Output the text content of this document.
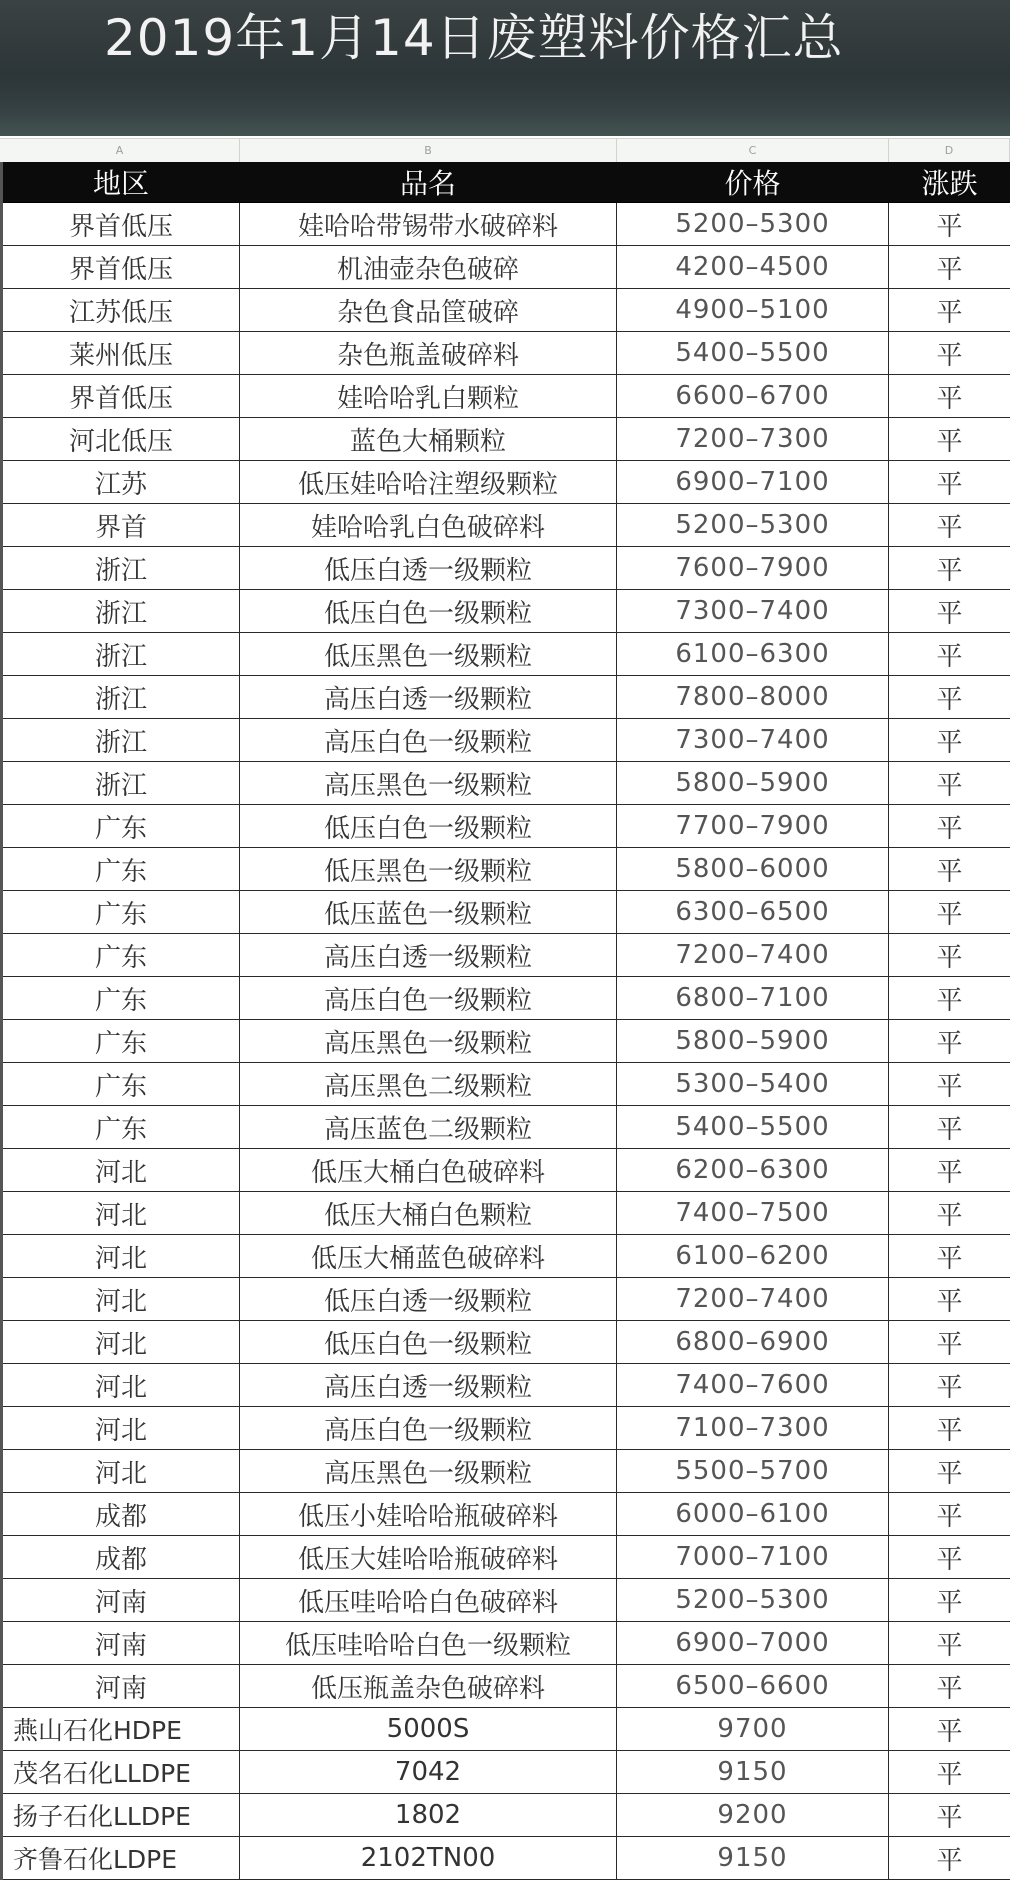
2019年1月14日废塑料价格汇总
A	B	C	D
地区	品名	价格	涨跌
界首低压	娃哈哈带锡带水破碎料	5200–5300	平
界首低压	机油壶杂色破碎	4200–4500	平
江苏低压	杂色食品筐破碎	4900–5100	平
莱州低压	杂色瓶盖破碎料	5400–5500	平
界首低压	娃哈哈乳白颗粒	6600–6700	平
河北低压	蓝色大桶颗粒	7200–7300	平
江苏	低压娃哈哈注塑级颗粒	6900–7100	平
界首	娃哈哈乳白色破碎料	5200–5300	平
浙江	低压白透一级颗粒	7600–7900	平
浙江	低压白色一级颗粒	7300–7400	平
浙江	低压黑色一级颗粒	6100–6300	平
浙江	高压白透一级颗粒	7800–8000	平
浙江	高压白色一级颗粒	7300–7400	平
浙江	高压黑色一级颗粒	5800–5900	平
广东	低压白色一级颗粒	7700–7900	平
广东	低压黑色一级颗粒	5800–6000	平
广东	低压蓝色一级颗粒	6300–6500	平
广东	高压白透一级颗粒	7200–7400	平
广东	高压白色一级颗粒	6800–7100	平
广东	高压黑色一级颗粒	5800–5900	平
广东	高压黑色二级颗粒	5300–5400	平
广东	高压蓝色二级颗粒	5400–5500	平
河北	低压大桶白色破碎料	6200–6300	平
河北	低压大桶白色颗粒	7400–7500	平
河北	低压大桶蓝色破碎料	6100–6200	平
河北	低压白透一级颗粒	7200–7400	平
河北	低压白色一级颗粒	6800–6900	平
河北	高压白透一级颗粒	7400–7600	平
河北	高压白色一级颗粒	7100–7300	平
河北	高压黑色一级颗粒	5500–5700	平
成都	低压小娃哈哈瓶破碎料	6000–6100	平
成都	低压大娃哈哈瓶破碎料	7000–7100	平
河南	低压哇哈哈白色破碎料	5200–5300	平
河南	低压哇哈哈白色一级颗粒	6900–7000	平
河南	低压瓶盖杂色破碎料	6500–6600	平
燕山石化HDPE	5000S	9700	平
茂名石化LLDPE	7042	9150	平
扬子石化LLDPE	1802	9200	平
齐鲁石化LDPE	2102TN00	9150	平
